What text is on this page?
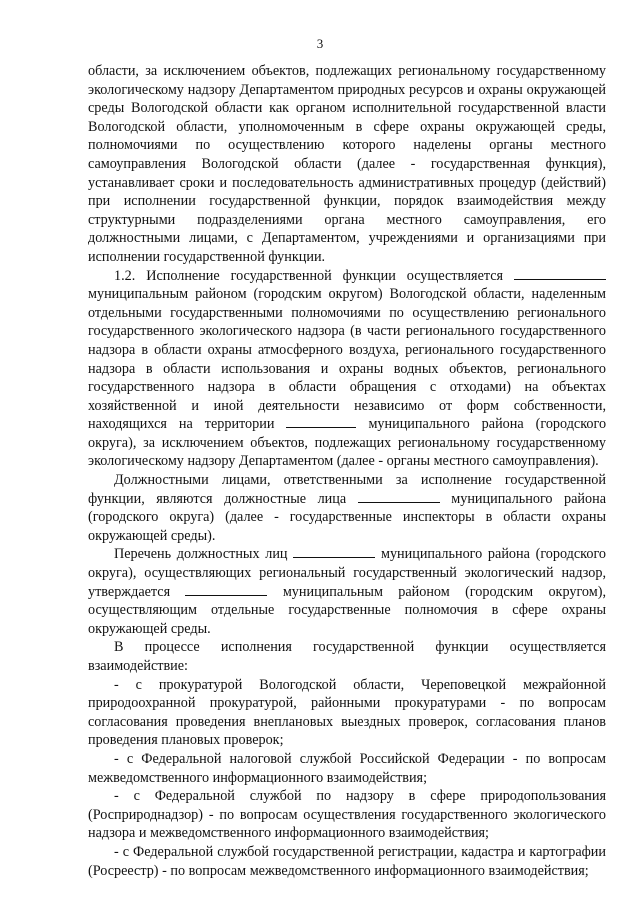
3

области, за исключением объектов, подлежащих региональному государственному экологическому надзору Департаментом природных ресурсов и охраны окружающей среды Вологодской области как органом исполнительной государственной власти Вологодской области, уполномоченным в сфере охраны окружающей среды, полномочиями по осуществлению которого наделены органы местного самоуправления Вологодской области (далее - государственная функция), устанавливает сроки и последовательность административных процедур (действий) при исполнении государственной функции, порядок взаимодействия между структурными подразделениями органа местного самоуправления, его должностными лицами, с Департаментом, учреждениями и организациями при исполнении государственной функции.

1.2. Исполнение государственной функции осуществляется  муниципальным районом (городским округом) Вологодской области, наделенным отдельными государственными полномочиями по осуществлению регионального государственного экологического надзора (в части регионального государственного надзора в области охраны атмосферного воздуха, регионального государственного надзора в области использования и охраны водных объектов, регионального государственного надзора в области обращения с отходами) на объектах хозяйственной и иной деятельности независимо от форм собственности, находящихся на территории	муниципального района (городского округа), за исключением объектов, подлежащих региональному государственному экологическому надзору Департаментом (далее - органы местного самоуправления).

Должностными лицами, ответственными за исполнение государственной функции, являются должностные лица	муниципального района (городского округа) (далее - государственные инспекторы в области охраны окружающей среды).

Перечень должностных лиц	муниципального района (городского округа), осуществляющих региональный государственный экологический надзор, утверждается	муниципальным районом (городским округом), осуществляющим отдельные государственные полномочия в сфере охраны окружающей среды.

В процессе исполнения государственной функции осуществляется взаимодействие:

- с прокуратурой Вологодской области, Череповецкой межрайонной природоохранной прокуратурой, районными прокуратурами - по вопросам согласования проведения внеплановых выездных проверок, согласования планов проведения плановых проверок;

- с Федеральной налоговой службой Российской Федерации - по вопросам межведомственного информационного взаимодействия;

- с Федеральной службой по надзору в сфере природопользования (Росприроднадзор) - по вопросам осуществления государственного экологического надзора и межведомственного информационного взаимодействия;

- с Федеральной службой государственной регистрации, кадастра и картографии (Росреестр) - по вопросам межведомственного информационного взаимодействия;
